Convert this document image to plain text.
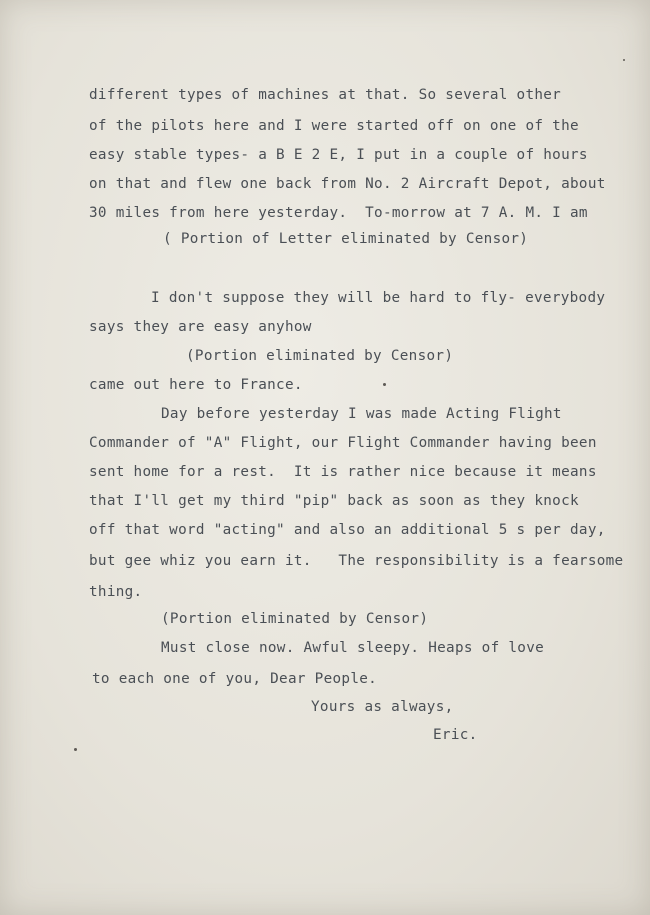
different types of machines at that. So several other
of the pilots here and I were started off on one of the
easy stable types- a B E 2 E, I put in a couple of hours
on that and flew one back from No. 2 Aircraft Depot, about
30 miles from here yesterday.  To-morrow at 7 A. M. I am
( Portion of Letter eliminated by Censor)
I don't suppose they will be hard to fly- everybody
says they are easy anyhow
(Portion eliminated by Censor)
came out here to France.
Day before yesterday I was made Acting Flight
Commander of "A" Flight, our Flight Commander having been
sent home for a rest.  It is rather nice because it means
that I'll get my third "pip" back as soon as they knock
off that word "acting" and also an additional 5 s per day,
but gee whiz you earn it.   The responsibility is a fearsome
thing.
(Portion eliminated by Censor)
Must close now. Awful sleepy. Heaps of love
to each one of you, Dear People.
Yours as always,
Eric.
